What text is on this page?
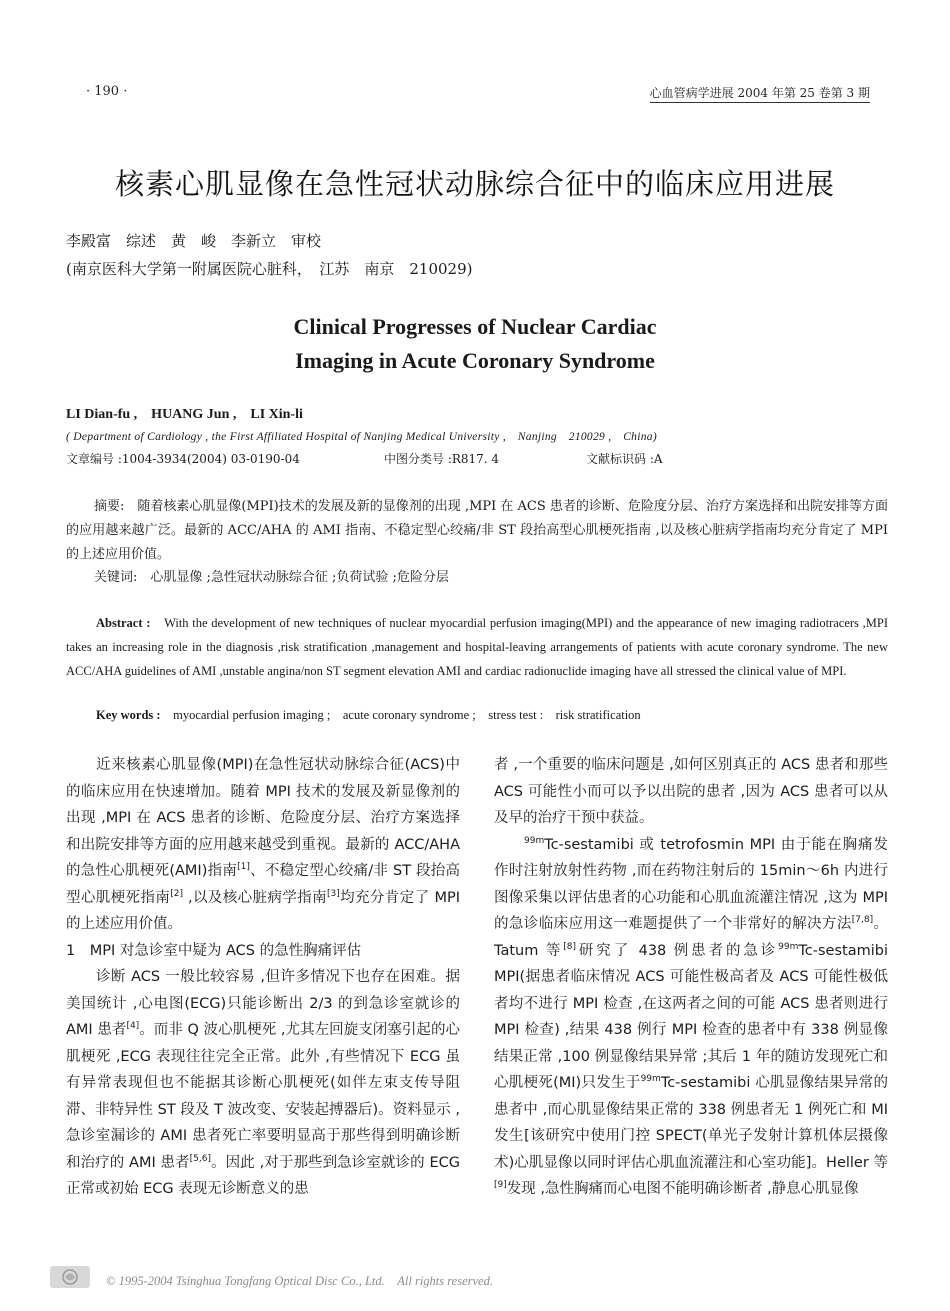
· 190 ·	心血管病学进展 2004 年第 25 卷第 3 期
核素心肌显像在急性冠状动脉综合征中的临床应用进展
李殿富　综述　黄　峻　李新立　审校
(南京医科大学第一附属医院心脏科，　江苏　南京　210029)
Clinical Progresses of Nuclear Cardiac
Imaging in Acute Coronary Syndrome
LI Dian-fu ,　HUANG Jun ,　LI Xin-li
( Department of Cardiology , the First Affiliated Hospital of Nanjing Medical University ,　Nanjing　210029 ,　China)
文章编号 :1004-3934(2004) 03-0190-04	中图分类号 :R817. 4	文献标识码 :A
摘要:　随着核素心肌显像(MPI)技术的发展及新的显像剂的出现 ,MPI 在 ACS 患者的诊断、危险度分层、治疗方案选择和出院安排等方面的应用越来越广泛。最新的 ACC/AHA 的 AMI 指南、不稳定型心绞痛/非 ST 段抬高型心肌梗死指南 ,以及核心脏病学指南均充分肯定了 MPI 的上述应用价值。
关键词:　心肌显像 ;急性冠状动脉综合征 ;负荷试验 ;危险分层
Abstract :　 With the development of new techniques of nuclear myocardial perfusion imaging(MPI) and the appearance of new imaging radiotracers ,MPI takes an increasing role in the diagnosis ,risk stratification ,management and hospital-leaving arrangements of patients with acute coronary syndrome. The new ACC/AHA guidelines of AMI ,unstable angina/non ST segment elevation AMI and cardiac radionuclide imaging have all stressed the clinical value of MPI.
Key words :　 myocardial perfusion imaging ;　acute coronary syndrome ;　stress test :　risk stratification

近来核素心肌显像(MPI)在急性冠状动脉综合征(ACS)中的临床应用在快速增加。随着 MPI 技术的发展及新显像剂的出现 ,MPI 在 ACS 患者的诊断、危险度分层、治疗方案选择和出院安排等方面的应用越来越受到重视。最新的 ACC/AHA 的急性心肌梗死(AMI)指南[1]、不稳定型心绞痛/非 ST 段抬高型心肌梗死指南[2] ,以及核心脏病学指南[3]均充分肯定了 MPI 的上述应用价值。

1　MPI 对急诊室中疑为 ACS 的急性胸痛评估

诊断 ACS 一般比较容易 ,但许多情况下也存在困难。据美国统计 ,心电图(ECG)只能诊断出 2/3 的到急诊室就诊的 AMI 患者[4]。而非 Q 波心肌梗死 ,尤其左回旋支闭塞引起的心肌梗死 ,ECG 表现往往完全正常。此外 ,有些情况下 ECG 虽有异常表现但也不能据其诊断心肌梗死(如伴左束支传导阻滞、非特异性 ST 段及 T 波改变、安装起搏器后)。资料显示 ,急诊室漏诊的 AMI 患者死亡率要明显高于那些得到明确诊断和治疗的 AMI 患者[5,6]。因此 ,对于那些到急诊室就诊的 ECG 正常或初始 ECG 表现无诊断意义的患

者 ,一个重要的临床问题是 ,如何区别真正的 ACS 患者和那些 ACS 可能性小而可以予以出院的患者 ,因为 ACS 患者可以从及早的治疗干预中获益。

$^{99m}$Tc-sestamibi 或 tetrofosmin MPI 由于能在胸痛发作时注射放射性药物 ,而在药物注射后的 15min～6h 内进行图像采集以评估患者的心功能和心肌血流灌注情况 ,这为 MPI 的急诊临床应用这一难题提供了一个非常好的解决方法[7,8]。Tatum 等[8]研究了 438 例患者的急诊$^{99m}$Tc-sestamibi MPI(据患者临床情况 ACS 可能性极高者及 ACS 可能性极低者均不进行 MPI 检查 ,在这两者之间的可能 ACS 患者则进行 MPI 检查) ,结果 438 例行 MPI 检查的患者中有 338 例显像结果正常 ,100 例显像结果异常 ;其后 1 年的随访发现死亡和心肌梗死(MI)只发生于$^{99m}$Tc-sestamibi 心肌显像结果异常的患者中 ,而心肌显像结果正常的 338 例患者无 1 例死亡和 MI 发生[该研究中使用门控 SPECT(单光子发射计算机体层摄像术)心肌显像以同时评估心肌血流灌注和心室功能]。Heller 等[9]发现 ,急性胸痛而心电图不能明确诊断者 ,静息心肌显像

© 1995-2004 Tsinghua Tongfang Optical Disc Co., Ltd.　All rights reserved.
